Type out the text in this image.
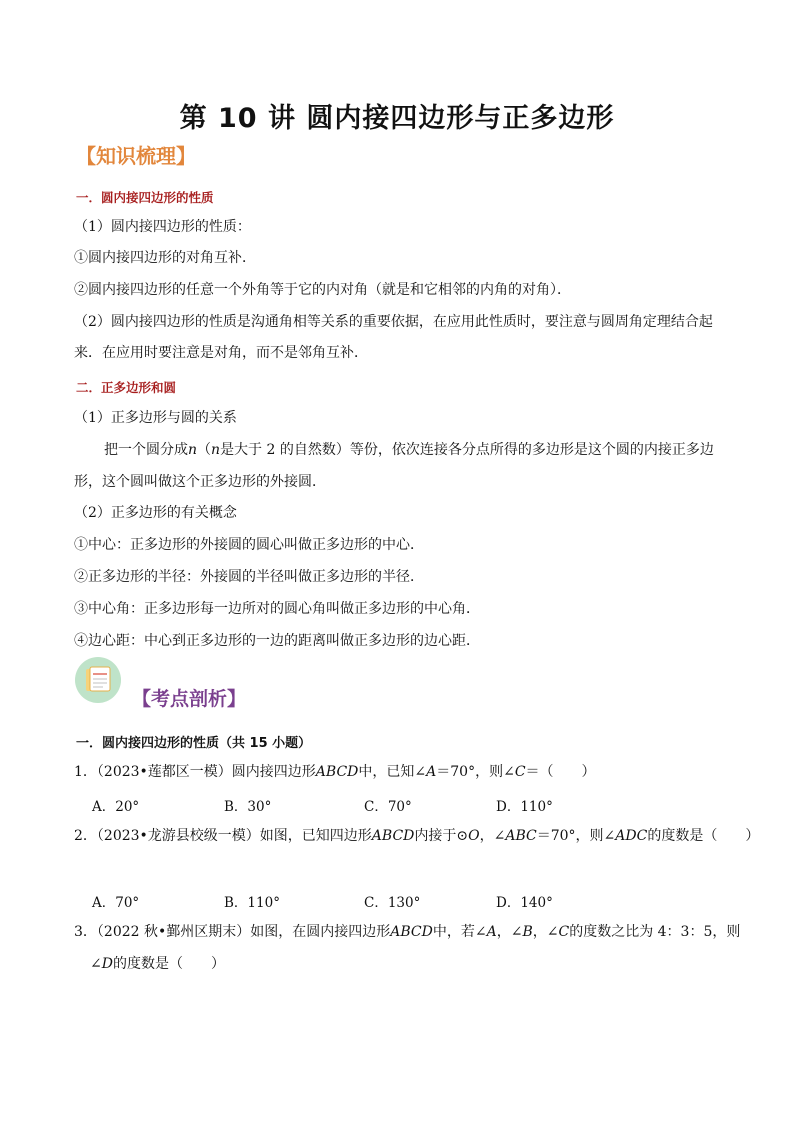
第 10 讲 圆内接四边形与正多边形
【知识梳理】
一．圆内接四边形的性质
（1）圆内接四边形的性质：
①圆内接四边形的对角互补．
②圆内接四边形的任意一个外角等于它的内对角（就是和它相邻的内角的对角）．
（2）圆内接四边形的性质是沟通角相等关系的重要依据，在应用此性质时，要注意与圆周角定理结合起
来．在应用时要注意是对角，而不是邻角互补．
二．正多边形和圆
（1）正多边形与圆的关系
把一个圆分成n（n是大于 2 的自然数）等份，依次连接各分点所得的多边形是这个圆的内接正多边
形，这个圆叫做这个正多边形的外接圆．
（2）正多边形的有关概念
①中心：正多边形的外接圆的圆心叫做正多边形的中心．
②正多边形的半径：外接圆的半径叫做正多边形的半径．
③中心角：正多边形每一边所对的圆心角叫做正多边形的中心角．
④边心距：中心到正多边形的一边的距离叫做正多边形的边心距．
【考点剖析】
一．圆内接四边形的性质（共 15 小题）
1．（2023•莲都区一模）圆内接四边形ABCD中，已知∠A＝70°，则∠C＝（　　）
A．20°	B．30°	C．70°	D．110°
2．（2023•龙游县校级一模）如图，已知四边形ABCD内接于⊙O，∠ABC＝70°，则∠ADC的度数是（　　）
A．70°	B．110°	C．130°	D．140°
3．（2022 秋•鄞州区期末）如图，在圆内接四边形ABCD中，若∠A，∠B，∠C的度数之比为 4：3：5，则
∠D的度数是（　　）
